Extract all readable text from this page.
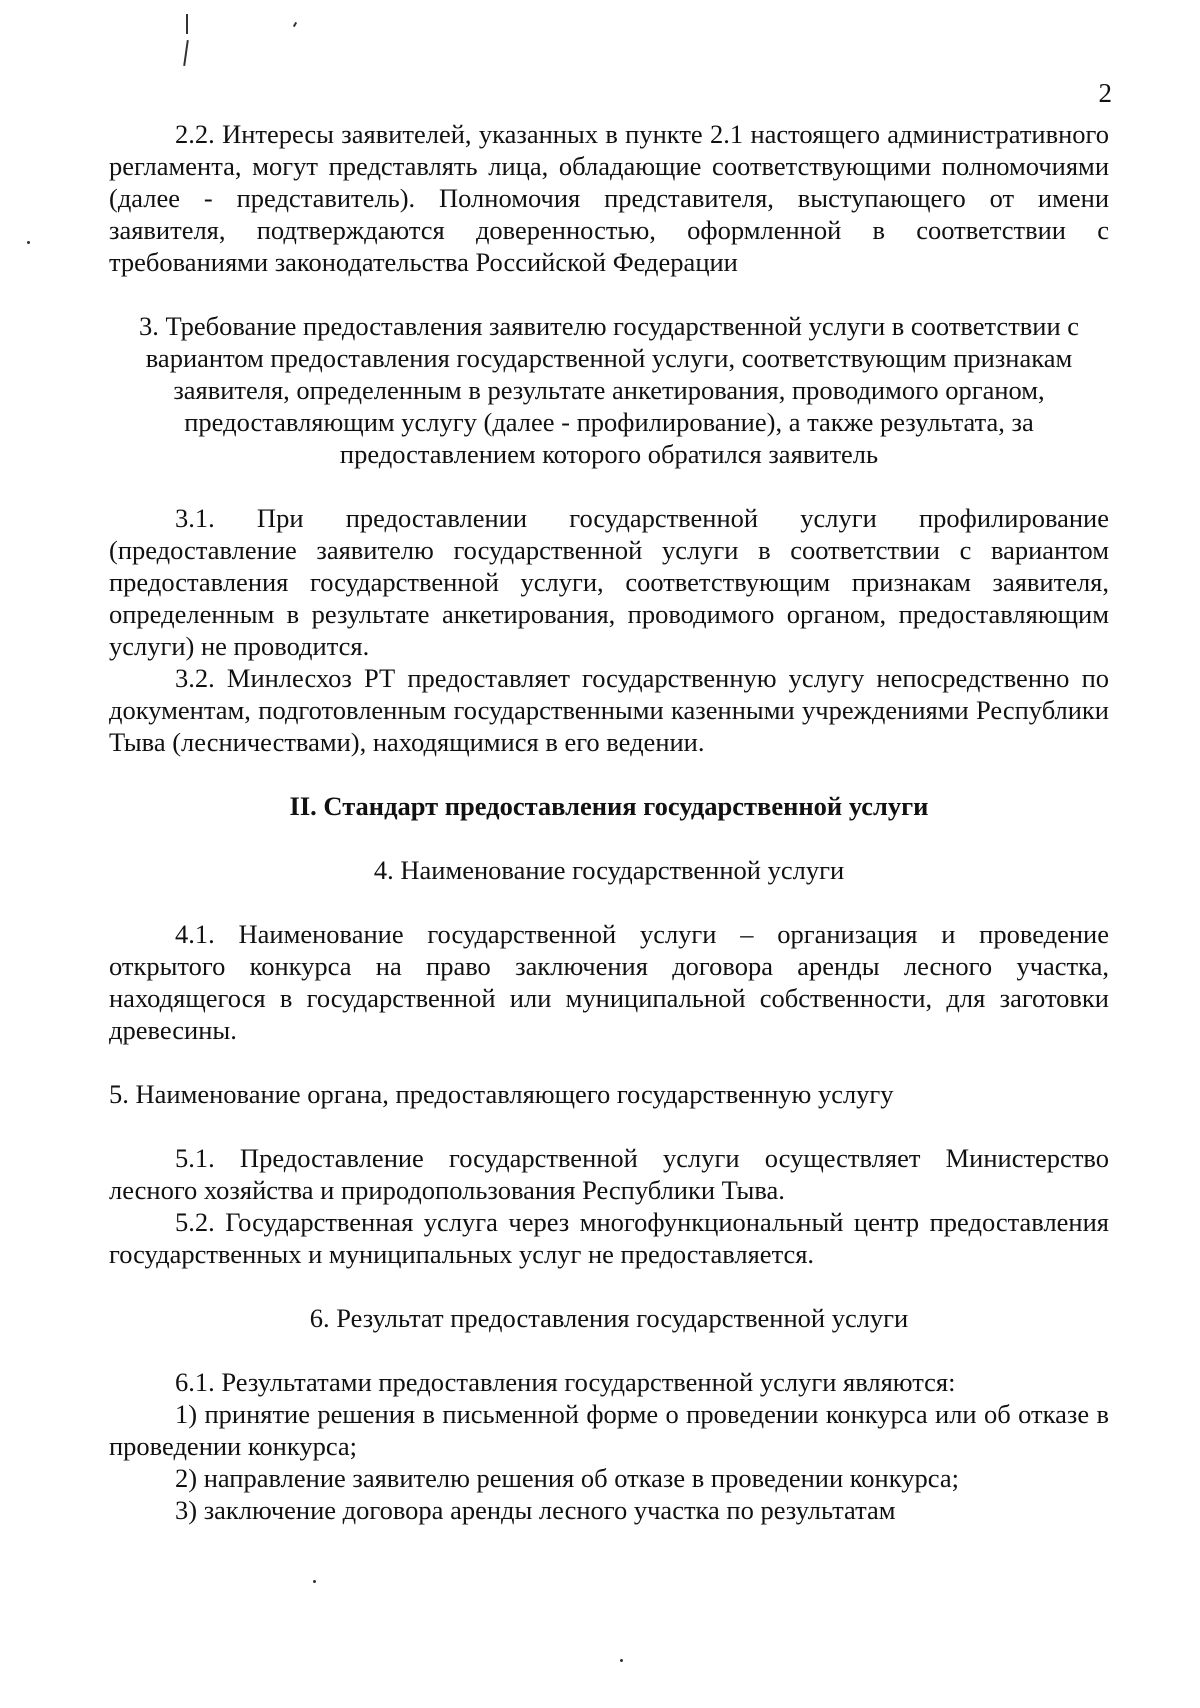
2

2.2. Интересы заявителей, указанных в пункте 2.1 настоящего административного регламента, могут представлять лица, обладающие соответствующими полномочиями (далее - представитель). Полномочия представителя, выступающего от имени заявителя, подтверждаются доверенностью, оформленной в соответствии с требованиями законодательства Российской Федерации

3. Требование предоставления заявителю государственной услуги в соответствии с вариантом предоставления государственной услуги, соответствующим признакам заявителя, определенным в результате анкетирования, проводимого органом, предоставляющим услугу (далее - профилирование), а также результата, за предоставлением которого обратился заявитель

3.1. При предоставлении государственной услуги профилирование (предоставление заявителю государственной услуги в соответствии с вариантом предоставления государственной услуги, соответствующим признакам заявителя, определенным в результате анкетирования, проводимого органом, предоставляющим услуги) не проводится.

3.2. Минлесхоз РТ предоставляет государственную услугу непосредственно по документам, подготовленным государственными казенными учреждениями Республики Тыва (лесничествами), находящимися в его ведении.

II. Стандарт предоставления государственной услуги

4. Наименование государственной услуги

4.1. Наименование государственной услуги – организация и проведение открытого конкурса на право заключения договора аренды лесного участка, находящегося в государственной или муниципальной собственности, для заготовки древесины.

5. Наименование органа, предоставляющего государственную услугу

5.1. Предоставление государственной услуги осуществляет Министерство лесного хозяйства и природопользования Республики Тыва.

5.2. Государственная услуга через многофункциональный центр предоставления государственных и муниципальных услуг не предоставляется.

6. Результат предоставления государственной услуги

6.1. Результатами предоставления государственной услуги являются:

1) принятие решения в письменной форме о проведении конкурса или об отказе в проведении конкурса;

2) направление заявителю решения об отказе в проведении конкурса;

3) заключение договора аренды лесного участка по результатам
